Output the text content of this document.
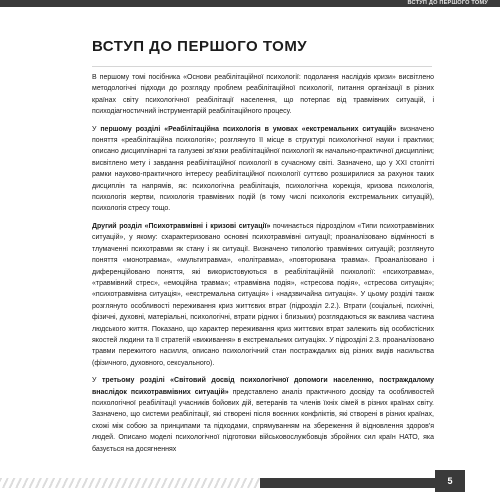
ВСТУП ДО ПЕРШОГО ТОМУ
ВСТУП ДО ПЕРШОГО ТОМУ

В першому томі посібника «Основи реабілітаційної психології: подолання наслідків кризи» висвітлено методологічні підходи до розгляду проблем реабілітаційної психології, питання організації в різних країнах світу психологічної реабілітації населення, що потерпає від травмівних ситуацій, і психодіагностичний інструментарій реабілітаційного процесу.

У першому розділі «Реабілітаційна психологія в умовах «екстремальних ситуацій» визначено поняття «реабілітаційна психологія»; розглянуто її місце в структурі психологічної науки і практики; описано дисциплінарні та галузеві зв'язки реабілітаційної психології як начально-практичної дисципліни; висвітлено мету і завдання реабілітаційної психології в сучасному світі. Зазначено, що у XXI столітті рамки науково-практичного інтересу реабілітаційної психології суттєво розширилися за рахунок таких дисциплін та напрямів, як: психологічна реабілітація, психологічна корекція, кризова психологія, психологія жертви, психологія травмівних подій (в тому числі психологія екстремальних ситуацій), психологія стресу тощо.

Другий розділ «Психотравмівні і кризові ситуації» починається підрозділом «Типи психотравмівних ситуацій», у якому: схарактеризовано основні психотравмівні ситуації; проаналізовано відмінності в тлумаченні психотравми як стану і як ситуації. Визначено типологію травмівних ситуацій; розглянуто поняття «монотравма», «мультитравма», «політравма», «повторювана травма». Проаналізовано і диференційовано поняття, які використовуються в реабілітаційній психології: «психотравма», «травмівний стрес», «емоційна травма»; «травмівна подія», «стресова подія», «стресова ситуація»; «психотравмівна ситуація», «екстремальна ситуація» і «надзвичайна ситуація». У цьому розділі також розглянуто особливості переживання криз життєвих втрат (підрозділ 2.2.). Втрати (соціальні, психічні, фізичні, духовні, матеріальні, психологічні, втрати рідних і близьких) розглядаються як важлива частина людського життя. Показано, що характер переживання криз життєвих втрат залежить від особистісних якостей людини та її стратегій «виживання» в екстремальних ситуаціях. У підрозділі 2.3. проаналізовано травми пережитого насилля, описано психологічний стан постраждалих від різних видів насильства (фізичного, духовного, сексуального).

У третьому розділі «Світовий досвід психологічної допомоги населенню, постраждалому внаслідок психотравмівних ситуацій» представлено аналіз практичного досвіду та особливостей психологічної реабілітації учасників бойових дій, ветеранів та членів їхніх сімей в різних країнах світу. Зазначено, що системи реабілітації, які створені після воєнних конфліктів, які створені в різних країнах, схожі між собою за принципами та підходами, спрямуванням на збереження й відновлення здоров'я людей. Описано моделі психологічної підготовки військовослужбовців збройних сил країн НАТО, яка базується на досягненнях

5
